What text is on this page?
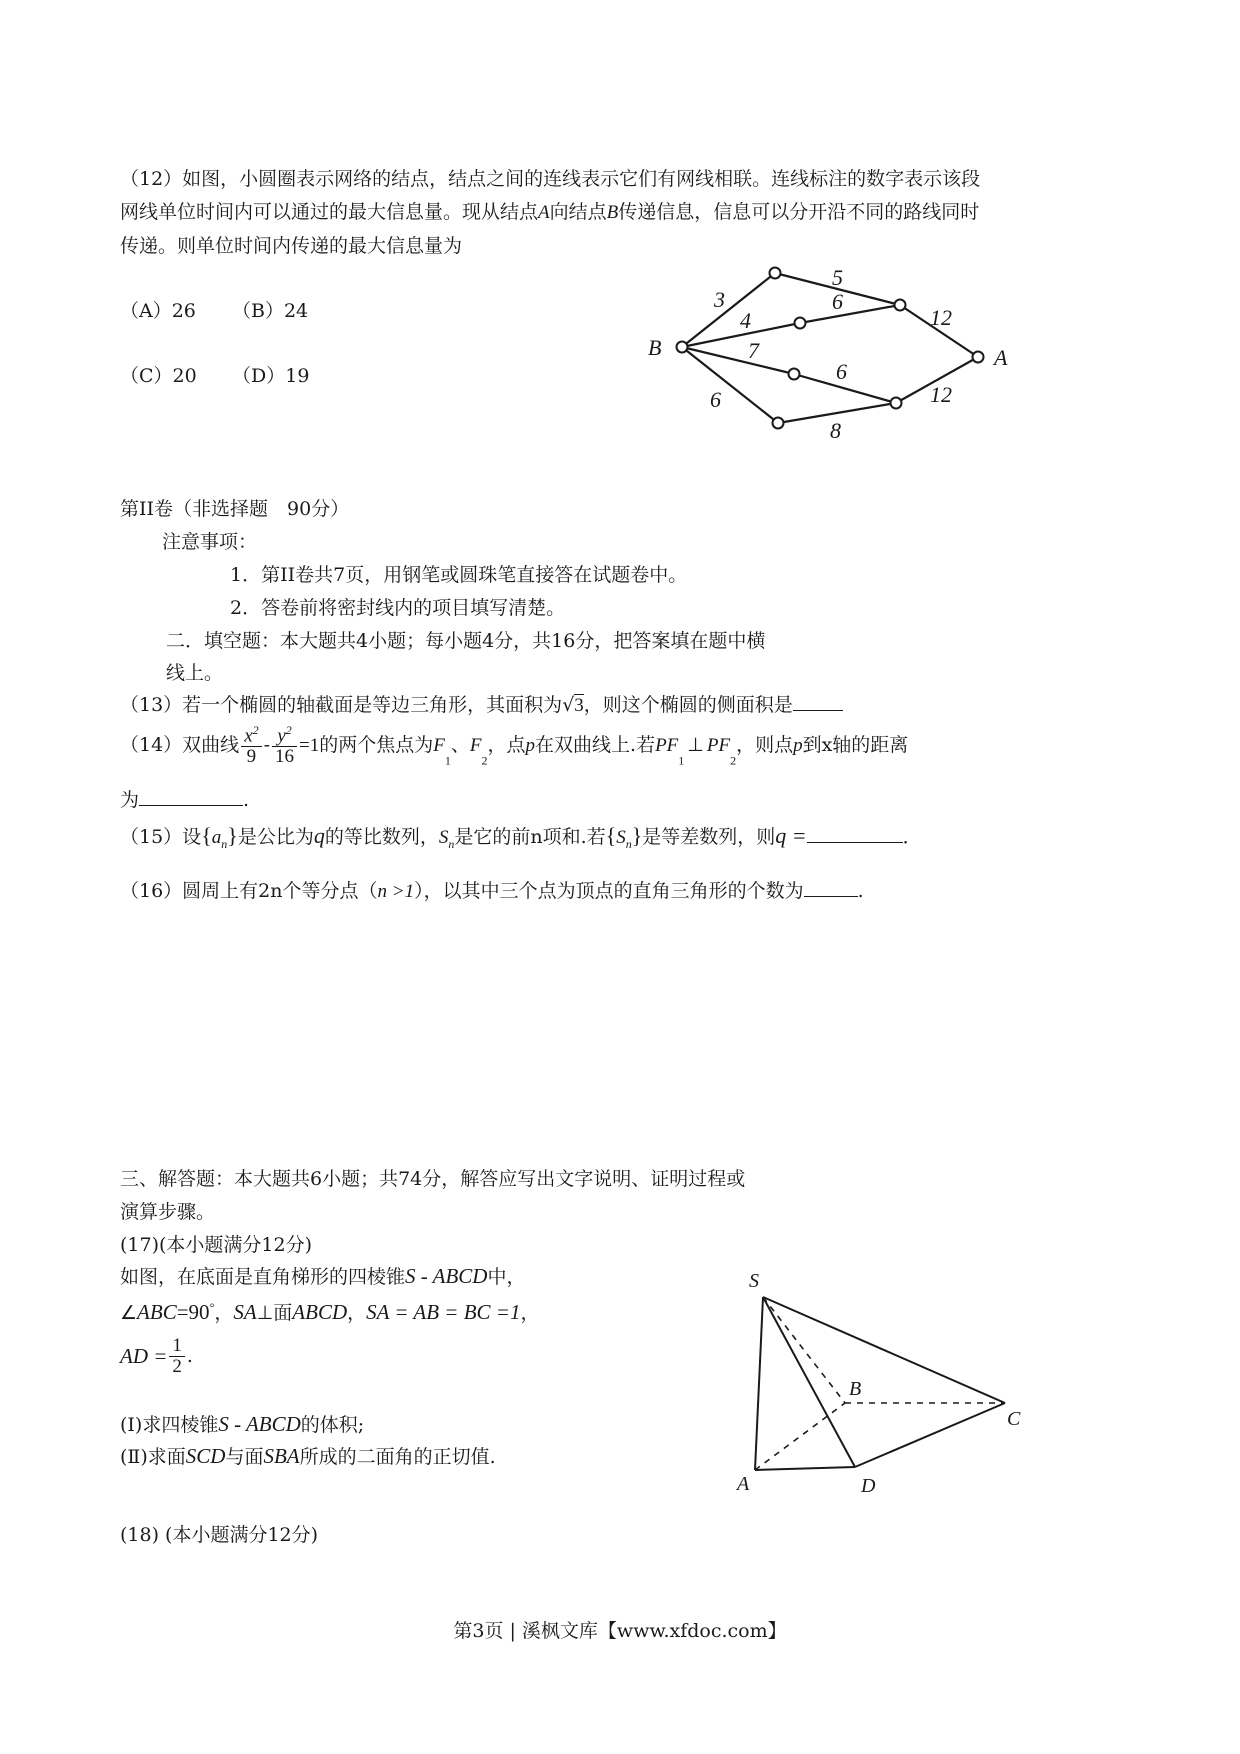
（12）如图，小圆圈表示网络的结点，结点之间的连线表示它们有网线相联。连线标注的数字表示该段
网线单位时间内可以通过的最大信息量。现从结点A向结点B传递信息，信息可以分开沿不同的路线同时
传递。则单位时间内传递的最大信息量为
（A）26 （B）24
（C）20 （D）19
B	A
3
5
4
6
12
7
6
6
8
12
第II卷（非选择题　90分）
注意事项：
1．第II卷共7页，用钢笔或圆珠笔直接答在试题卷中。
2．答卷前将密封线内的项目填写清楚。
二．填空题：本大题共4小题；每小题4分，共16分，把答案填在题中横
线上。
（13）若一个椭圆的轴截面是等边三角形，其面积为√3，则这个椭圆的侧面积是
（14）双曲线 $\frac{x^2}{9} - \frac{y^2}{16} =1$的两个焦点为$F_1$、$F_2$，点p在双曲线上.若$PF_1\perp$ $PF_2$，则点p到x轴的距离
为	.
（15）设$\{a_n\}$是公比为q的等比数列，$S_n$是它的前n项和.若$\{S_n\}$是等差数列，则q =	．
（16）圆周上有2n个等分点（n >1），以其中三个点为顶点的直角三角形的个数为	.
三、解答题：本大题共6小题；共74分，解答应写出文字说明、证明过程或
演算步骤。
(17)(本小题满分12分)
如图，在底面是直角梯形的四棱锥S - ABCD中，
∠ABC=90°，SA⊥面ABCD，SA = AB = BC =1，
AD = $\frac{1}{2}$ .
(Ⅰ)求四棱锥S - ABCD的体积;
(Ⅱ)求面SCD与面SBA所成的二面角的正切值.
S
B
C
A	D
(18) (本小题满分12分)
第3页 | 溪枫文库【www.xfdoc.com】
